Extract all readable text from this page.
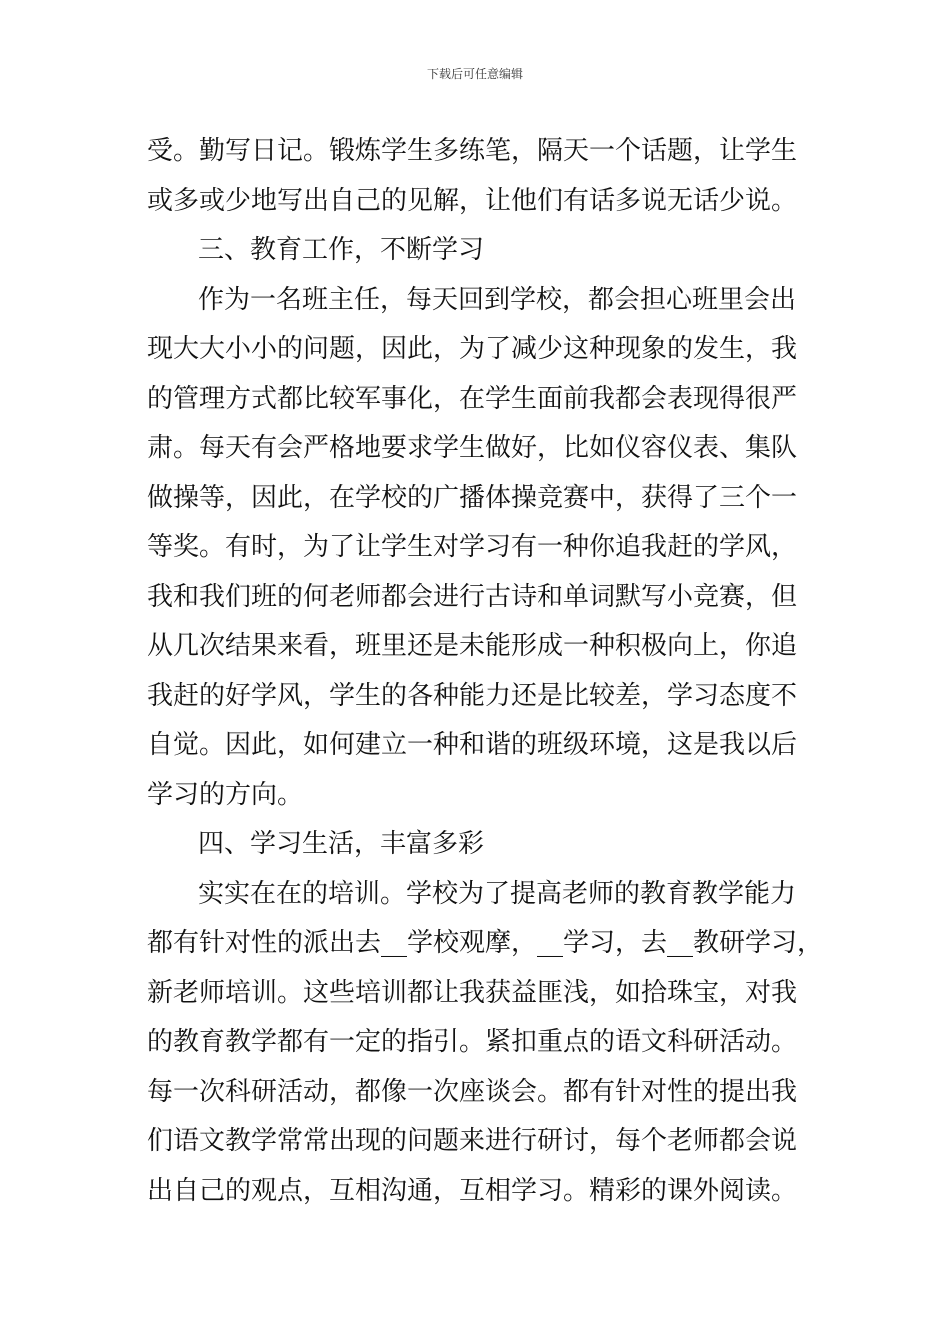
下载后可任意编辑
受。勤写日记。锻炼学生多练笔，隔天一个话题，让学生
或多或少地写出自己的见解，让他们有话多说无话少说。
三、教育工作，不断学习
作为一名班主任，每天回到学校，都会担心班里会出
现大大小小的问题，因此，为了减少这种现象的发生，我
的管理方式都比较军事化，在学生面前我都会表现得很严
肃。每天有会严格地要求学生做好，比如仪容仪表、集队
做操等，因此，在学校的广播体操竞赛中，获得了三个一
等奖。有时，为了让学生对学习有一种你追我赶的学风，
我和我们班的何老师都会进行古诗和单词默写小竞赛，但
从几次结果来看，班里还是未能形成一种积极向上，你追
我赶的好学风，学生的各种能力还是比较差，学习态度不
自觉。因此，如何建立一种和谐的班级环境，这是我以后
学习的方向。
四、学习生活，丰富多彩
实实在在的培训。学校为了提高老师的教育教学能力
都有针对性的派出去__学校观摩，__学习，去__教研学习，
新老师培训。这些培训都让我获益匪浅，如拾珠宝，对我
的教育教学都有一定的指引。紧扣重点的语文科研活动。
每一次科研活动，都像一次座谈会。都有针对性的提出我
们语文教学常常出现的问题来进行研讨，每个老师都会说
出自己的观点，互相沟通，互相学习。精彩的课外阅读。
